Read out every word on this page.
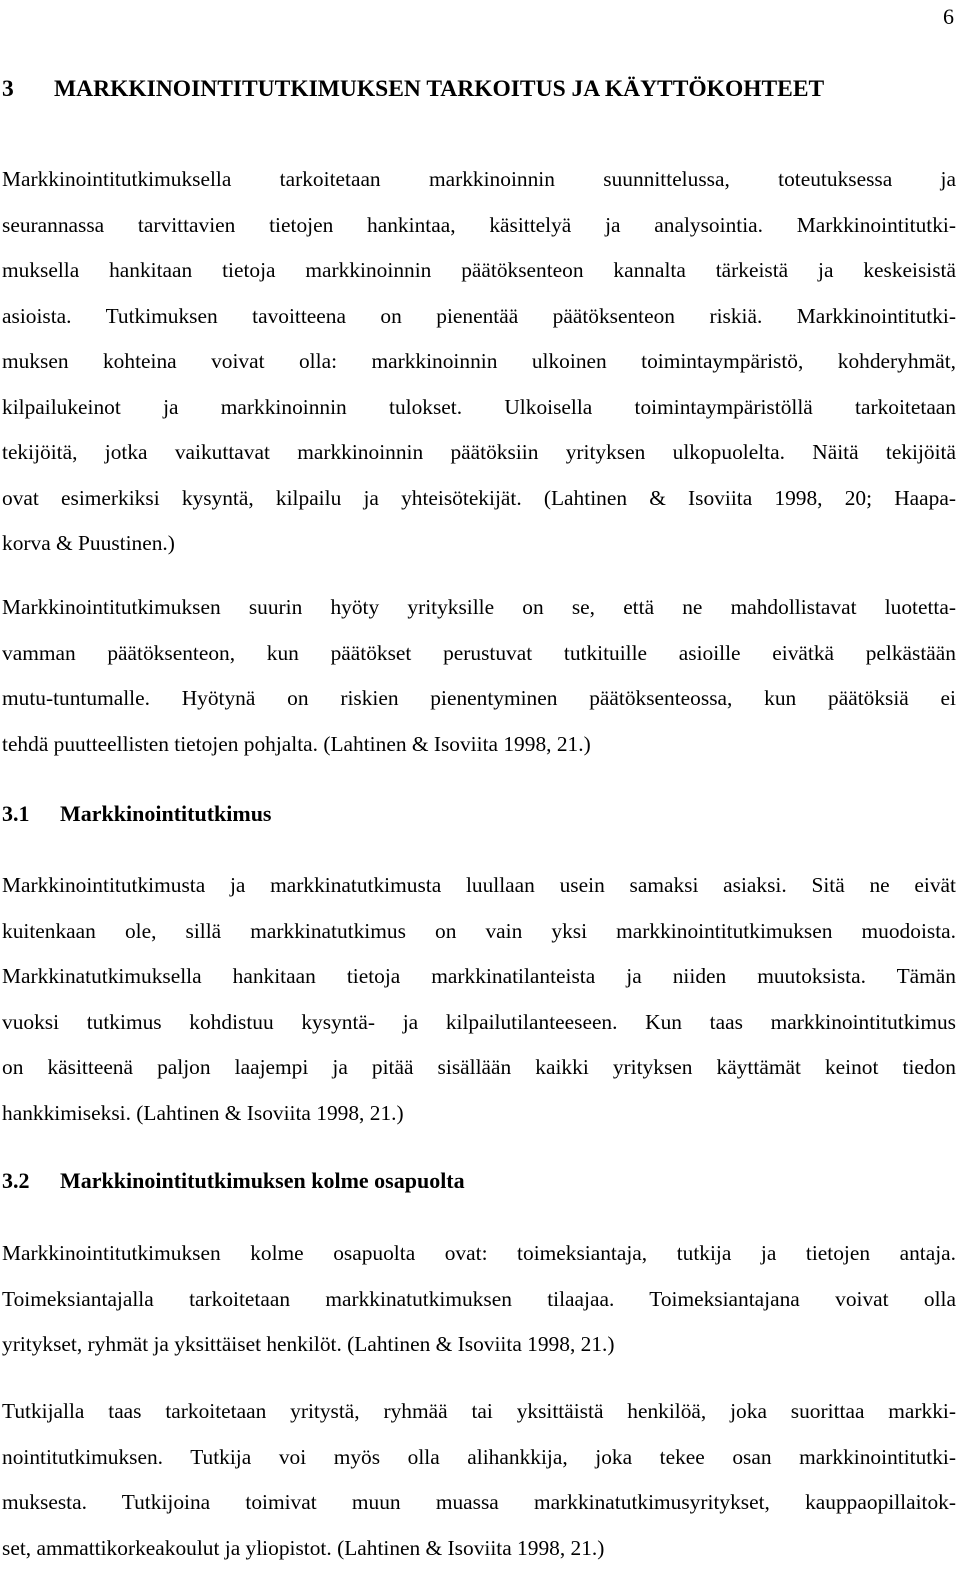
6
3 MARKKINOINTITUTKIMUKSEN TARKOITUS JA KÄYTTÖKOHTEET
Markkinointitutkimuksella tarkoitetaan markkinoinnin suunnittelussa, toteutuksessa ja
seurannassa tarvittavien tietojen hankintaa, käsittelyä ja analysointia. Markkinointitutki-
muksella hankitaan tietoja markkinoinnin päätöksenteon kannalta tärkeistä ja keskeisistä
asioista. Tutkimuksen tavoitteena on pienentää päätöksenteon riskiä. Markkinointitutki-
muksen kohteina voivat olla: markkinoinnin ulkoinen toimintaympäristö, kohderyhmät,
kilpailukeinot ja markkinoinnin tulokset. Ulkoisella toimintaympäristöllä tarkoitetaan
tekijöitä, jotka vaikuttavat markkinoinnin päätöksiin yrityksen ulkopuolelta. Näitä tekijöitä
ovat esimerkiksi kysyntä, kilpailu ja yhteisötekijät. (Lahtinen & Isoviita 1998, 20; Haapa-
korva & Puustinen.)
Markkinointitutkimuksen suurin hyöty yrityksille on se, että ne mahdollistavat luotetta-
vamman päätöksenteon, kun päätökset perustuvat tutkituille asioille eivätkä pelkästään
mutu-tuntumalle. Hyötynä on riskien pienentyminen päätöksenteossa, kun päätöksiä ei
tehdä puutteellisten tietojen pohjalta. (Lahtinen & Isoviita 1998, 21.)
3.1 Markkinointitutkimus
Markkinointitutkimusta ja markkinatutkimusta luullaan usein samaksi asiaksi. Sitä ne eivät
kuitenkaan ole, sillä markkinatutkimus on vain yksi markkinointitutkimuksen muodoista.
Markkinatutkimuksella hankitaan tietoja markkinatilanteista ja niiden muutoksista. Tämän
vuoksi tutkimus kohdistuu kysyntä- ja kilpailutilanteeseen. Kun taas markkinointitutkimus
on käsitteenä paljon laajempi ja pitää sisällään kaikki yrityksen käyttämät keinot tiedon
hankkimiseksi. (Lahtinen & Isoviita 1998, 21.)
3.2 Markkinointitutkimuksen kolme osapuolta
Markkinointitutkimuksen kolme osapuolta ovat: toimeksiantaja, tutkija ja tietojen antaja.
Toimeksiantajalla tarkoitetaan markkinatutkimuksen tilaajaa. Toimeksiantajana voivat olla
yritykset, ryhmät ja yksittäiset henkilöt. (Lahtinen & Isoviita 1998, 21.)
Tutkijalla taas tarkoitetaan yritystä, ryhmää tai yksittäistä henkilöä, joka suorittaa markki-
nointitutkimuksen. Tutkija voi myös olla alihankkija, joka tekee osan markkinointitutki-
muksesta. Tutkijoina toimivat muun muassa markkinatutkimusyritykset, kauppaopillaitok-
set, ammattikorkeakoulut ja yliopistot. (Lahtinen & Isoviita 1998, 21.)
